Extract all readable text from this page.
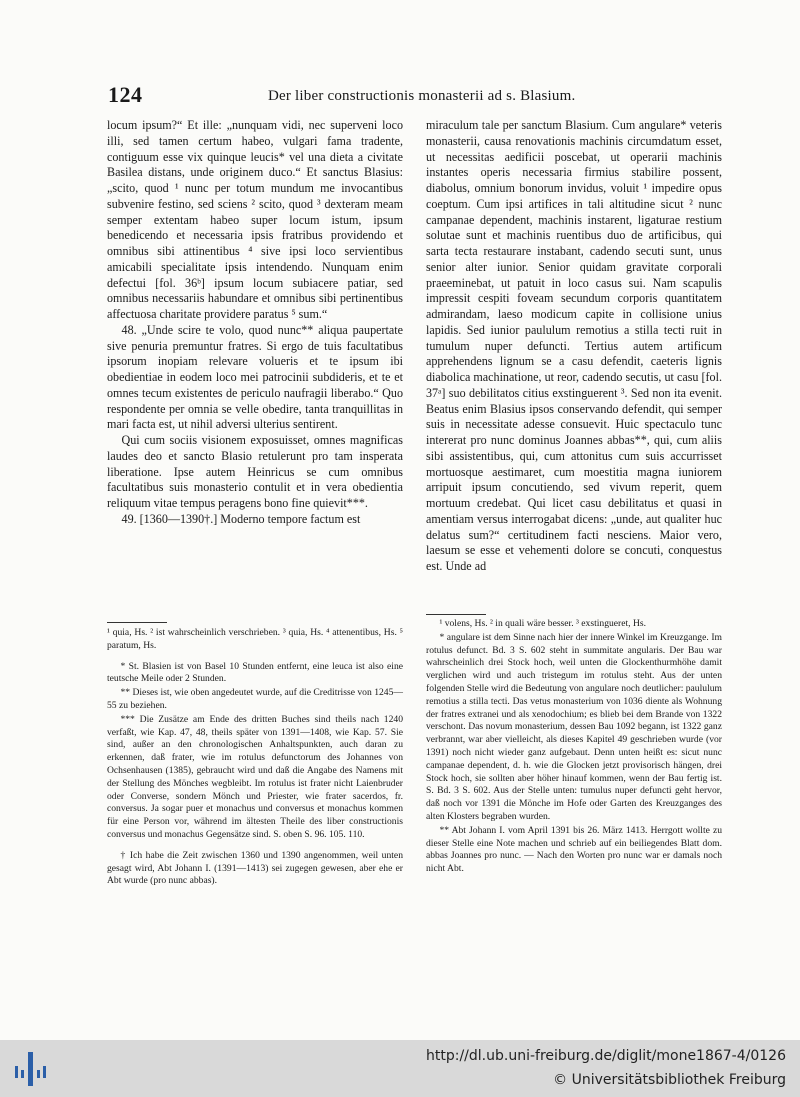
124	Der liber constructionis monasterii ad s. Blasium.

locum ipsum?“ Et ille: „nunquam vidi, nec superveni loco illi, sed tamen certum habeo, vulgari fama tradente, contiguum esse vix quinque leucis* vel una dieta a civitate Basilea distans, unde originem duco.“ Et sanctus Blasius: „scito, quod ¹ nunc per totum mundum me invocantibus subvenire festino, sed sciens ² scito, quod ³ dexteram meam semper extentam habeo super locum istum, ipsum benedicendo et necessaria ipsis fratribus providendo et omnibus sibi attinentibus ⁴ sive ipsi loco servientibus amicabili specialitate ipsis intendendo. Nunquam enim defectui [fol. 36ᵇ] ipsum locum subiacere patiar, sed omnibus necessariis habundare et omnibus sibi pertinentibus affectuosa charitate providere paratus ⁵ sum.“

48. „Unde scire te volo, quod nunc** aliqua paupertate sive penuria premuntur fratres. Si ergo de tuis facultatibus ipsorum inopiam relevare volueris et te ipsum ibi obedientiae in eodem loco mei patrocinii subdideris, et te et omnes tecum existentes de periculo naufragii liberabo.“ Quo respondente per omnia se velle obedire, tanta tranquillitas in mari facta est, ut nihil adversi ulterius sentirent.

Qui cum sociis visionem exposuisset, omnes magnificas laudes deo et sancto Blasio retulerunt pro tam insperata liberatione. Ipse autem Heinricus se cum omnibus facultatibus suis monasterio contulit et in vera obedientia reliquum vitae tempus peragens bono fine quievit***.

49. [1360—1390†.] Moderno tempore factum est

miraculum tale per sanctum Blasium. Cum angulare* veteris monasterii, causa renovationis machinis circumdatum esset, ut necessitas aedificii poscebat, ut operarii machinis instantes operis necessaria firmius stabilire possent, diabolus, omnium bonorum invidus, voluit ¹ impedire opus coeptum. Cum ipsi artifices in tali altitudine sicut ² nunc campanae dependent, machinis instarent, ligaturae restium solutae sunt et machinis ruentibus duo de artificibus, qui sarta tecta restaurare instabant, cadendo secuti sunt, unus senior alter iunior. Senior quidam gravitate corporali praeeminebat, ut patuit in loco casus sui. Nam scapulis impressit cespiti foveam secundum corporis quantitatem admirandam, laeso modicum capite in collisione unius lapidis. Sed iunior paululum remotius a stilla tecti ruit in tumulum nuper defuncti. Tertius autem artificum apprehendens lignum se a casu defendit, caeteris lignis diabolica machinatione, ut reor, cadendo secutis, ut casu [fol. 37ᵃ] suo debilitatos citius exstinguerent ³. Sed non ita evenit. Beatus enim Blasius ipsos conservando defendit, qui semper suis in necessitate adesse consuevit. Huic spectaculo tunc intererat pro nunc dominus Joannes abbas**, qui, cum aliis sibi assistentibus, qui, cum attonitus cum suis accurrisset mortuosque aestimaret, cum moestitia magna iuniorem arripuit ipsum concutiendo, sed vivum reperit, quem mortuum credebat. Qui licet casu debilitatus et quasi in amentiam versus interrogabat dicens: „unde, aut qualiter huc delatus sum?“ certitudinem facti nesciens. Maior vero, laesum se esse et vehementi dolore se concuti, conquestus est. Unde ad

¹ quia, Hs. ² ist wahrscheinlich verschrieben. ³ quia, Hs. ⁴ attenentibus, Hs. ⁵ paratum, Hs.

* St. Blasien ist von Basel 10 Stunden entfernt, eine leuca ist also eine teutsche Meile oder 2 Stunden.

** Dieses ist, wie oben angedeutet wurde, auf die Creditrisse von 1245—55 zu beziehen.

*** Die Zusätze am Ende des dritten Buches sind theils nach 1240 verfaßt, wie Kap. 47, 48, theils später von 1391—1408, wie Kap. 57. Sie sind, außer an den chronologischen Anhaltspunkten, auch daran zu erkennen, daß frater, wie im rotulus defunctorum des Johannes von Ochsenhausen (1385), gebraucht wird und daß die Angabe des Namens mit der Stellung des Mönches wegbleibt. Im rotulus ist frater nicht Laienbruder oder Converse, sondern Mönch und Priester, wie frater sacerdos, fr. conversus. Ja sogar puer et monachus und conversus et monachus kommen für eine Person vor, während im ältesten Theile des liber constructionis conversus und monachus Gegensätze sind. S. oben S. 96. 105. 110.

† Ich habe die Zeit zwischen 1360 und 1390 angenommen, weil unten gesagt wird, Abt Johann I. (1391—1413) sei zugegen gewesen, aber ehe er Abt wurde (pro nunc abbas).

¹ volens, Hs. ² in quali wäre besser. ³ exstingueret, Hs.

* angulare ist dem Sinne nach hier der innere Winkel im Kreuzgange. Im rotulus defunct. Bd. 3 S. 602 steht in summitate angularis. Der Bau war wahrscheinlich drei Stock hoch, weil unten die Glockenthurmhöhe damit verglichen wird und auch tristegum im rotulus steht. Aus der unten folgenden Stelle wird die Bedeutung von angulare noch deutlicher: paululum remotius a stilla tecti. Das vetus monasterium von 1036 diente als Wohnung der fratres extranei und als xenodochium; es blieb bei dem Brande von 1322 verschont. Das novum monasterium, dessen Bau 1092 begann, ist 1322 ganz verbrannt, war aber vielleicht, als dieses Kapitel 49 geschrieben wurde (vor 1391) noch nicht wieder ganz aufgebaut. Denn unten heißt es: sicut nunc campanae dependent, d. h. wie die Glocken jetzt provisorisch hängen, drei Stock hoch, sie sollten aber höher hinauf kommen, wenn der Bau fertig ist. S. Bd. 3 S. 602. Aus der Stelle unten: tumulus nuper defuncti geht hervor, daß noch vor 1391 die Mönche im Hofe oder Garten des Kreuzganges des alten Klosters begraben wurden.

** Abt Johann I. vom April 1391 bis 26. März 1413. Herrgott wollte zu dieser Stelle eine Note machen und schrieb auf ein beiliegendes Blatt dom. abbas Joannes pro nunc. — Nach den Worten pro nunc war er damals noch nicht Abt.

http://dl.ub.uni-freiburg.de/diglit/mone1867-4/0126
© Universitätsbibliothek Freiburg
